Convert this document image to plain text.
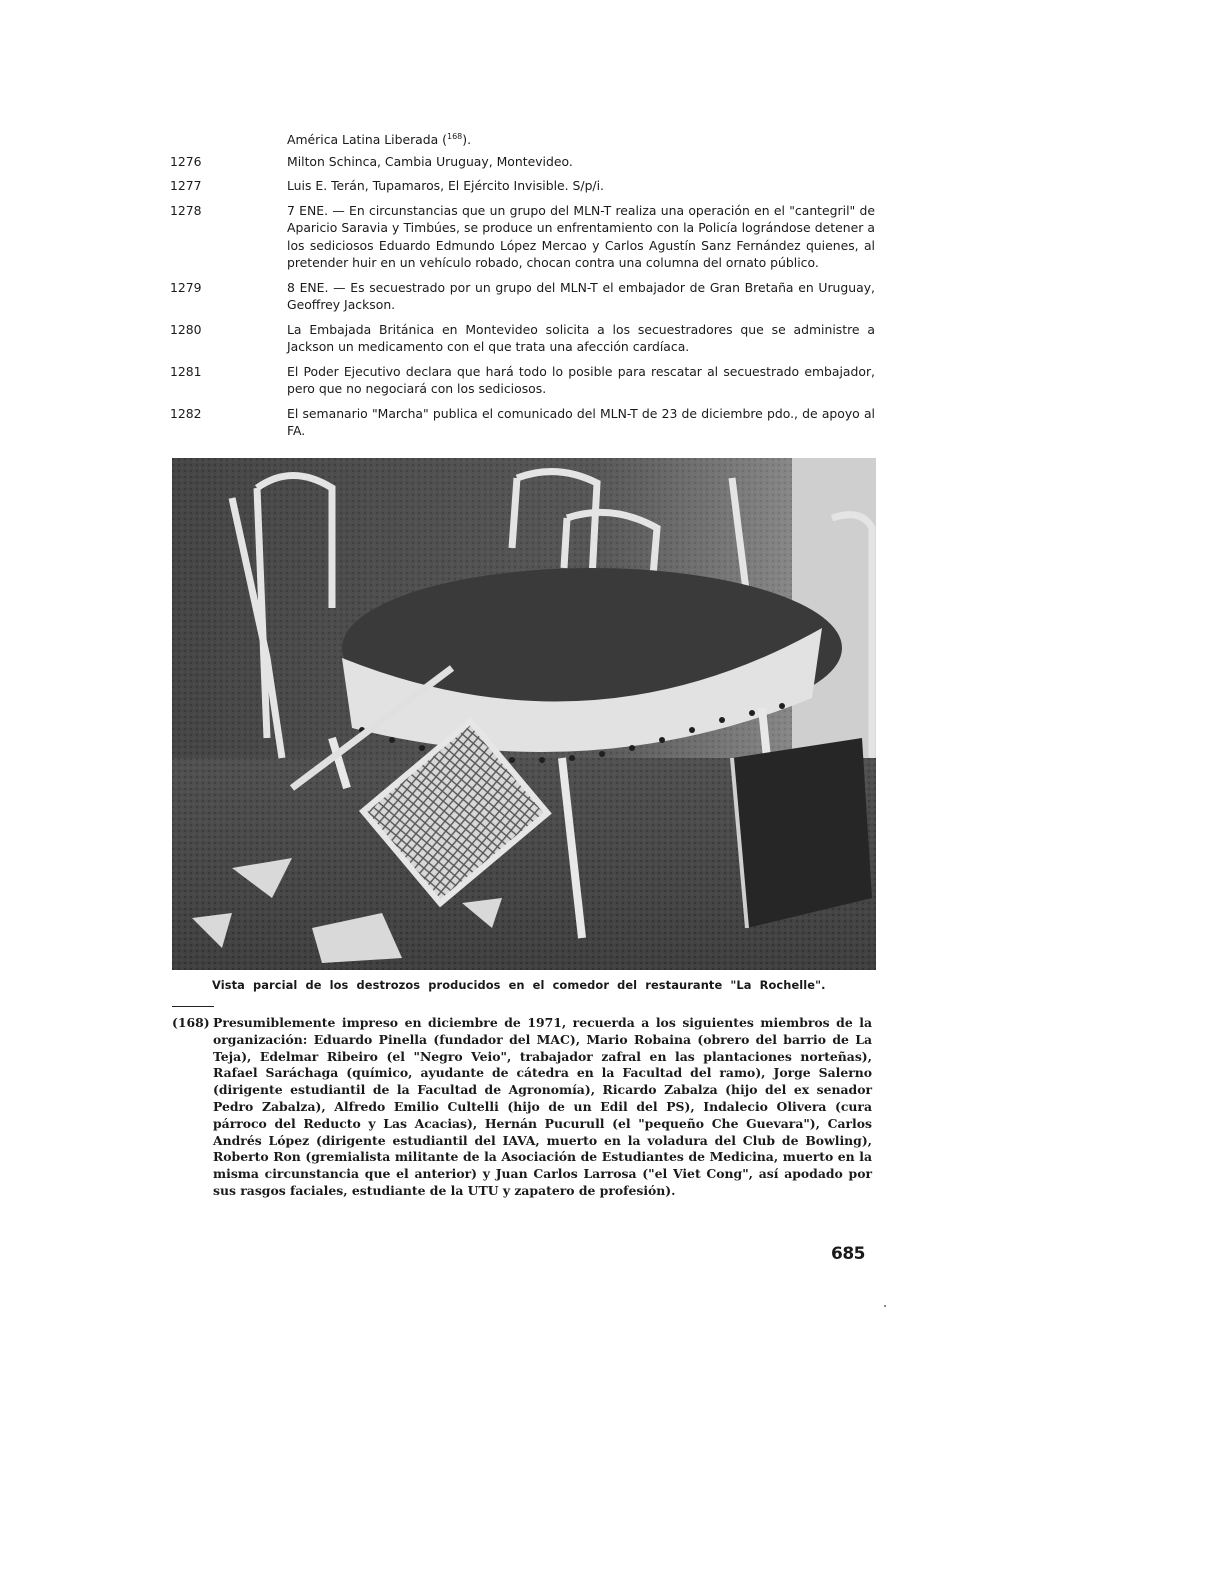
América Latina Liberada ($^{168}$).
1276	Milton Schinca, Cambia Uruguay, Montevideo.
1277	Luis E. Terán, Tupamaros, El Ejército Invisible. S/p/i.
1278	7 ENE. — En circunstancias que un grupo del MLN-T realiza una operación en el "cantegril" de Aparicio Saravia y Timbúes, se produce un enfrentamiento con la Policía lográndose detener a los sediciosos Eduardo Edmundo López Mercao y Carlos Agustín Sanz Fernández quienes, al pretender huir en un vehículo robado, chocan contra una columna del ornato público.
1279	8 ENE. — Es secuestrado por un grupo del MLN-T el embajador de Gran Bretaña en Uruguay, Geoffrey Jackson.
1280	La Embajada Británica en Montevideo solicita a los secuestradores que se administre a Jackson un medicamento con el que trata una afección cardíaca.
1281	El Poder Ejecutivo declara que hará todo lo posible para rescatar al secuestrado embajador, pero que no negociará con los sediciosos.
1282	El semanario "Marcha" publica el comunicado del MLN-T de 23 de diciembre pdo., de apoyo al FA.
Vista parcial de los destrozos producidos en el comedor del restaurante "La Rochelle".
(168) Presumiblemente impreso en diciembre de 1971, recuerda a los siguientes miembros de la organización: Eduardo Pinella (fundador del MAC), Mario Robaina (obrero del barrio de La Teja), Edelmar Ribeiro (el "Negro Veio", trabajador zafral en las plantaciones norteñas), Rafael Saráchaga (químico, ayudante de cátedra en la Facultad del ramo), Jorge Salerno (dirigente estudiantil de la Facultad de Agronomía), Ricardo Zabalza (hijo del ex senador Pedro Zabalza), Alfredo Emilio Cultelli (hijo de un Edil del PS), Indalecio Olivera (cura párroco del Reducto y Las Acacias), Hernán Pucurull (el "pequeño Che Guevara"), Carlos Andrés López (dirigente estudiantil del IAVA, muerto en la voladura del Club de Bowling), Roberto Ron (gremialista militante de la Asociación de Estudiantes de Medicina, muerto en la misma circunstancia que el anterior) y Juan Carlos Larrosa ("el Viet Cong", así apodado por sus rasgos faciales, estudiante de la UTU y zapatero de profesión).
685
